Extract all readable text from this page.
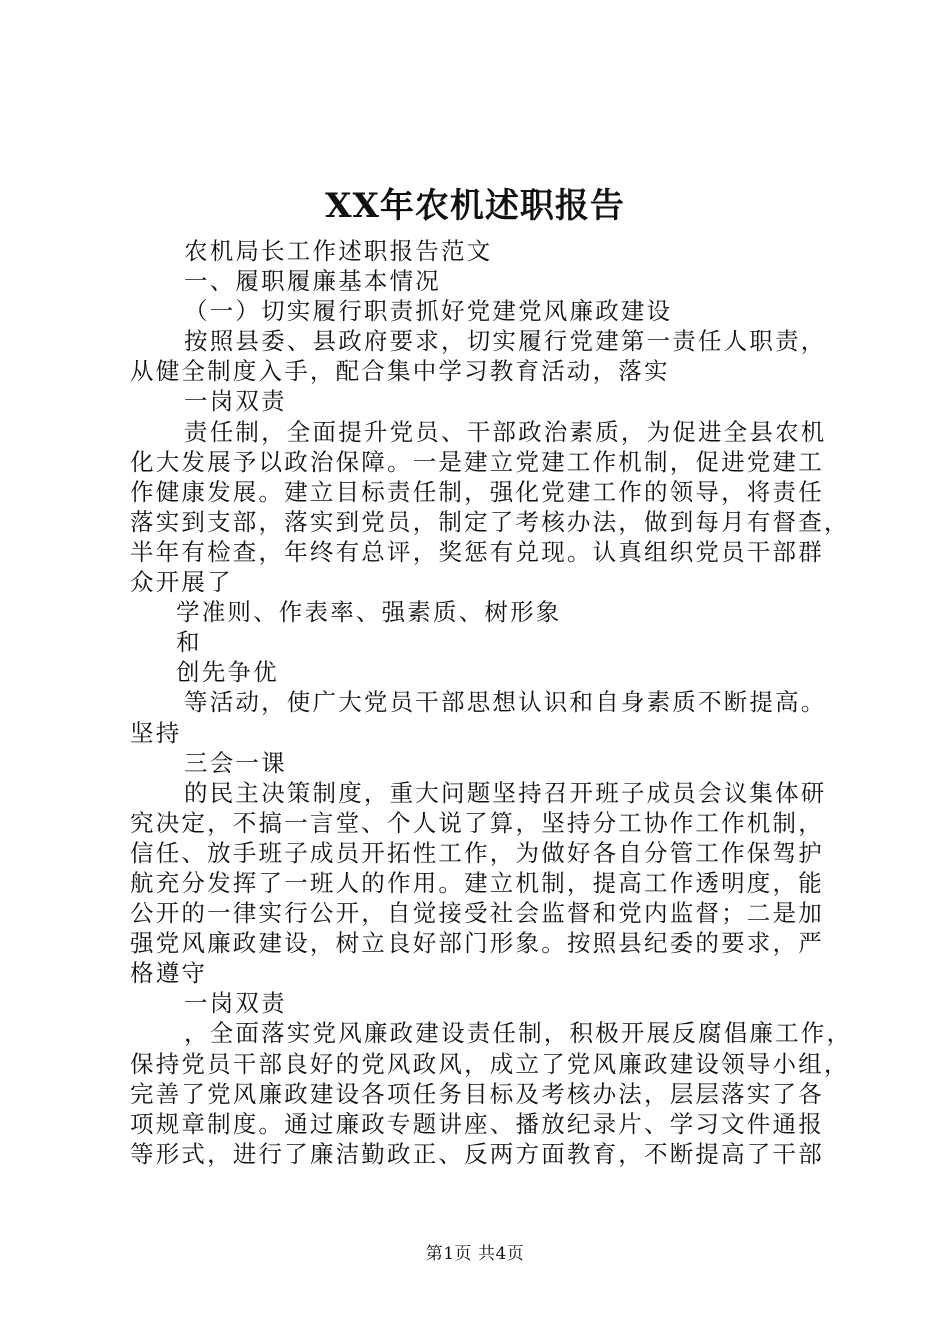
XX年农机述职报告
农机局长工作述职报告范文
一、履职履廉基本情况
（一）切实履行职责抓好党建党风廉政建设
按照县委、县政府要求，切实履行党建第一责任人职责，
从健全制度入手，配合集中学习教育活动，落实
一岗双责
责任制，全面提升党员、干部政治素质，为促进全县农机
化大发展予以政治保障。一是建立党建工作机制，促进党建工
作健康发展。建立目标责任制，强化党建工作的领导，将责任
落实到支部，落实到党员，制定了考核办法，做到每月有督查，
半年有检查，年终有总评，奖惩有兑现。认真组织党员干部群
众开展了
学准则、作表率、强素质、树形象
和
创先争优
等活动，使广大党员干部思想认识和自身素质不断提高。
坚持
三会一课
的民主决策制度，重大问题坚持召开班子成员会议集体研
究决定，不搞一言堂、个人说了算，坚持分工协作工作机制，
信任、放手班子成员开拓性工作，为做好各自分管工作保驾护
航充分发挥了一班人的作用。建立机制，提高工作透明度，能
公开的一律实行公开，自觉接受社会监督和党内监督；二是加
强党风廉政建设，树立良好部门形象。按照县纪委的要求，严
格遵守
一岗双责
，全面落实党风廉政建设责任制，积极开展反腐倡廉工作，
保持党员干部良好的党风政风，成立了党风廉政建设领导小组，
完善了党风廉政建设各项任务目标及考核办法，层层落实了各
项规章制度。通过廉政专题讲座、播放纪录片、学习文件通报
等形式，进行了廉洁勤政正、反两方面教育，不断提高了干部
第1页 共4页
